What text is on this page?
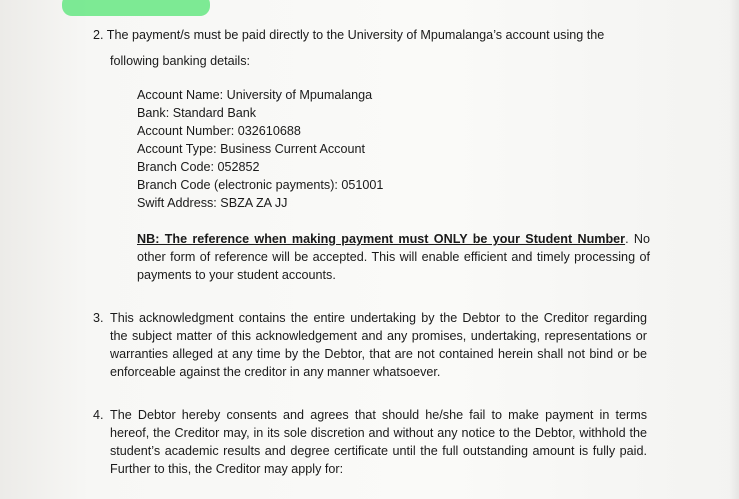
2. The payment/s must be paid directly to the University of Mpumalanga’s account using the
following banking details:
Account Name: University of Mpumalanga
Bank: Standard Bank
Account Number: 032610688
Account Type: Business Current Account
Branch Code: 052852
Branch Code (electronic payments): 051001
Swift Address: SBZA ZA JJ
NB: The reference when making payment must ONLY be your Student Number. No other form of reference will be accepted. This will enable efficient and timely processing of payments to your student accounts.
3. This acknowledgment contains the entire undertaking by the Debtor to the Creditor regarding the subject matter of this acknowledgement and any promises, undertaking, representations or warranties alleged at any time by the Debtor, that are not contained herein shall not bind or be enforceable against the creditor in any manner whatsoever.
4. The Debtor hereby consents and agrees that should he/she fail to make payment in terms hereof, the Creditor may, in its sole discretion and without any notice to the Debtor, withhold the student’s academic results and degree certificate until the full outstanding amount is fully paid. Further to this, the Creditor may apply for:
